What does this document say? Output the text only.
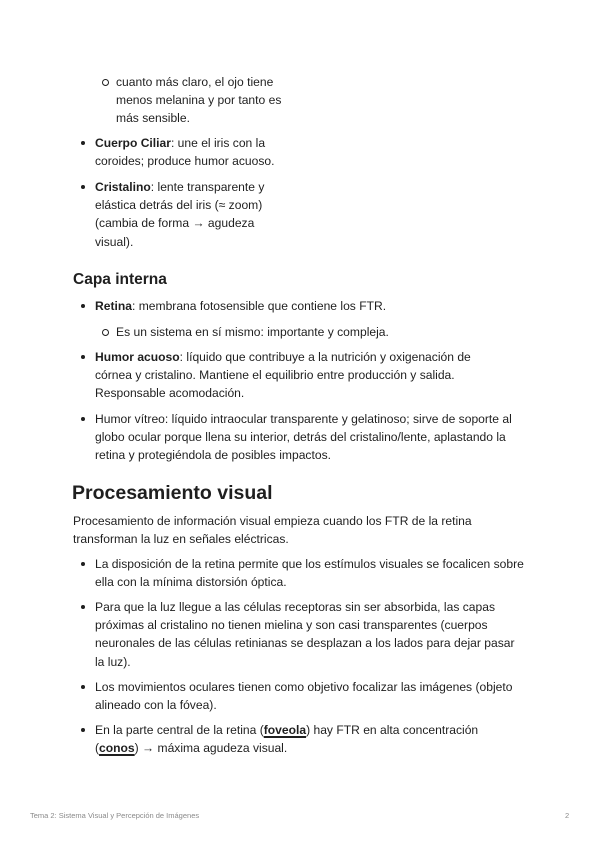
cuanto más claro, el ojo tiene menos melanina y por tanto es más sensible.
Cuerpo Ciliar: une el iris con la coroides; produce humor acuoso.
Cristalino: lente transparente y elástica detrás del iris (≈ zoom) (cambia de forma → agudeza visual).
Capa interna
Retina: membrana fotosensible que contiene los FTR.
Es un sistema en sí mismo: importante y compleja.
Humor acuoso: líquido que contribuye a la nutrición y oxigenación de córnea y cristalino. Mantiene el equilibrio entre producción y salida. Responsable acomodación.
Humor vítreo: líquido intraocular transparente y gelatinoso; sirve de soporte al globo ocular porque llena su interior, detrás del cristalino/lente, aplastando la retina y protegiéndola de posibles impactos.
Procesamiento visual
Procesamiento de información visual empieza cuando los FTR de la retina transforman la luz en señales eléctricas.
La disposición de la retina permite que los estímulos visuales se focalicen sobre ella con la mínima distorsión óptica.
Para que la luz llegue a las células receptoras sin ser absorbida, las capas próximas al cristalino no tienen mielina y son casi transparentes (cuerpos neuronales de las células retinianas se desplazan a los lados para dejar pasar la luz).
Los movimientos oculares tienen como objetivo focalizar las imágenes (objeto alineado con la fóvea).
En la parte central de la retina (foveola) hay FTR en alta concentración
(conos) → máxima agudeza visual.
Tema 2: Sistema Visual y Percepción de Imágenes	2
